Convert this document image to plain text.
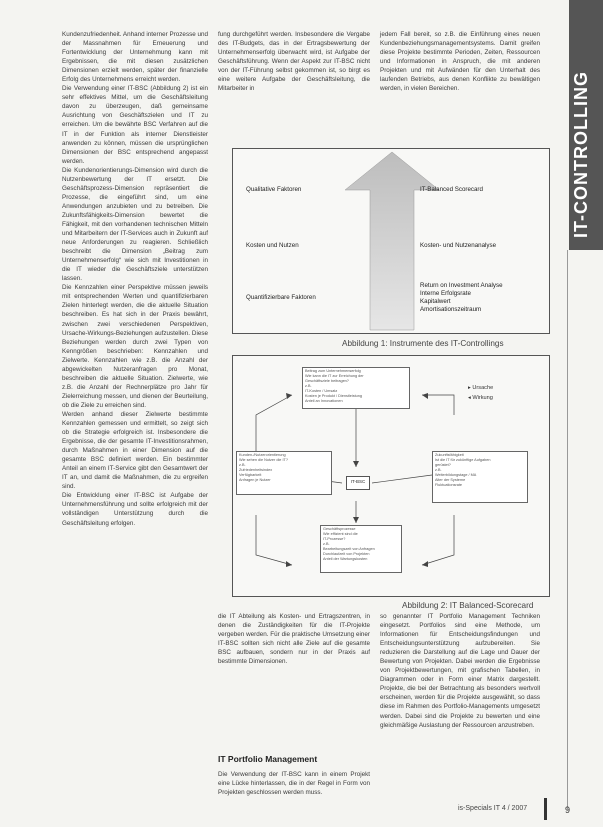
IT-CONTROLLING

Kundenzufriedenheit. Anhand interner Prozesse und der Massnahmen für Erneuerung und Fortentwicklung der Unternehmung kann mit Ergebnissen, die mit diesen zusätzlichen Dimensionen erzielt werden, später der finanzielle Erfolg des Unternehmens erreicht werden.

Die Verwendung einer IT-BSC (Abbildung 2) ist ein sehr effektives Mittel, um die Geschäftsleitung davon zu überzeugen, daß gemeinsame Ausrichtung von Geschäftszielen und IT zu erreichen. Um die bewährte BSC Verfahren auf die IT in der Funktion als interner Dienstleister anwenden zu können, müssen die ursprünglichen Dimensionen der BSC entsprechend angepasst werden.

Die Kundenorientierungs-Dimension wird durch die Nutzenbewertung der IT ersetzt. Die Geschäftsprozess-Dimension repräsentiert die Prozesse, die eingeführt sind, um eine Anwendungen anzubieten und zu betreiben. Die Zukunftsfähigkeits-Dimension bewertet die Fähigkeit, mit den vorhandenen technischen Mitteln und Mitarbeitern der IT-Services auch in Zukunft auf neue Anforderungen zu reagieren. Schließlich beschreibt die Dimension „Beitrag zum Unternehmenserfolg“ wie sich mit Investitionen in die IT wieder die Geschäftsziele unterstützen lassen.

Die Kennzahlen einer Perspektive müssen jeweils mit entsprechenden Werten und quantifizierbaren Zielen hinterlegt werden, die die aktuelle Situation beschreiben. Es hat sich in der Praxis bewährt, zwischen zwei verschiedenen Perspektiven, Ursache-Wirkungs-Beziehungen aufzustellen. Diese Beziehungen werden durch zwei Typen von Kenngrößen beschrieben: Kennzahlen und Zielwerte. Kennzahlen wie z.B. die Anzahl der abgewickelten Nutzeranfragen pro Monat, beschreiben die aktuelle Situation. Zielwerte, wie z.B. die Anzahl der Rechnerplätze pro Jahr für Zielerreichung messen, und dienen der Beurteilung, ob die Ziele zu erreichen sind.

Werden anhand dieser Zielwerte bestimmte Kennzahlen gemessen und ermittelt, so zeigt sich ob die Strategie erfolgreich ist. Insbesondere die Ergebnisse, die der gesamte IT-Investitionsrahmen, durch Maßnahmen in einer Dimension auf die gesamte BSC definiert werden. Ein bestimmter Anteil an einem IT-Service gibt den Gesamtwert der IT an, und damit die Maßnahmen, die zu ergreifen sind.

Die Entwicklung einer IT-BSC ist Aufgabe der Unternehmensführung und sollte erfolgreich mit der vollständigen Unterstützung durch die Geschäftsleitung erfolgen.

fung durchgeführt werden. Insbesondere die Vergabe des IT-Budgets, das in der Ertragsbewertung der Unternehmenserfolg überwacht wird, ist Aufgabe der Geschäftsführung. Wenn der Aspekt zur IT-BSC nicht von der IT-Führung selbst gekommen ist, so birgt es eine weitere Aufgabe der Geschäftsleitung, die Mitarbeiter in

jedem Fall bereit, so z.B. die Einführung eines neuen Kundenbeziehungsmanagementsystems. Damit greifen diese Projekte bestimmte Perioden, Zeiten, Ressourcen und Informationen in Anspruch, die mit anderen Projekten und mit Aufwänden für den Unterhalt des laufenden Betriebs, aus denen Konflikte zu bewältigen werden, in vielen Bereichen.

Qualitative Faktoren	IT-Balanced Scorecard
Kosten und Nutzen	Kosten- und Nutzenanalyse
Quantifizierbare Faktoren
Return on Investment Analyse
Interne Erfolgsrate
Kapitalwert
Amortisationszeitraum
Abbildung 1: Instrumente des IT-Controllings
Beitrag zum Unternehmenserfolg
Wie kann die IT zur Erreichung der
Geschäftsziele beitragen?
z.B.
IT-Kosten / Umsatz
Kosten je Produkt / Dienstleistung
Anteil an Innovationen
▸ Ursache
◂ Wirkung
Kunden-/Nutzerorientierung
Wie sehen die Nutzer die IT?
z.B.
Zufriedenheitsindex
Verfügbarkeit
Anfragen je Nutzer	IT-BSC
Zukunftsfähigkeit
Ist die IT für zukünftige Aufgaben
gerüstet?
z.B.
Weiterbildungstage / MA
Alter der Systeme
Fluktuationsrate
Geschäftsprozesse
Wie effizient sind die
IT-Prozesse?
z.B.
Bearbeitungszeit von Anfragen
Durchlaufzeit von Projekten
Anteil der Wartungskosten
Abbildung 2: IT Balanced-Scorecard

die IT Abteilung als Kosten- und Ertragszentren, in denen die Zuständigkeiten für die IT-Projekte vergeben werden. Für die praktische Umsetzung einer IT-BSC sollten sich nicht alle Ziele auf die gesamte BSC aufbauen, sondern nur in der Praxis auf bestimmte Dimensionen.

IT Portfolio Management

Die Verwendung der IT-BSC kann in einem Projekt eine Lücke hinterlassen, die in der Regel in Form von Projekten geschlossen werden muss.

so genannter IT Portfolio Management Techniken eingesetzt. Portfolios sind eine Methode, um Informationen für Entscheidungsfindungen und Entscheidungsunterstützung aufzubereiten. Sie reduzieren die Darstellung auf die Lage und Dauer der Bewertung von Projekten. Dabei werden die Ergebnisse von Projektbewertungen, mit grafischen Tabellen, in Diagrammen oder in Form einer Matrix dargestellt. Projekte, die bei der Betrachtung als besonders wertvoll erscheinen, werden für die Projekte ausgewählt, so dass diese im Rahmen des Portfolio-Managements umgesetzt werden. Dabei sind die Projekte zu bewerten und eine gleichmäßige Auslastung der Ressourcen anzustreben.

is-Specials IT 4 / 2007	9
